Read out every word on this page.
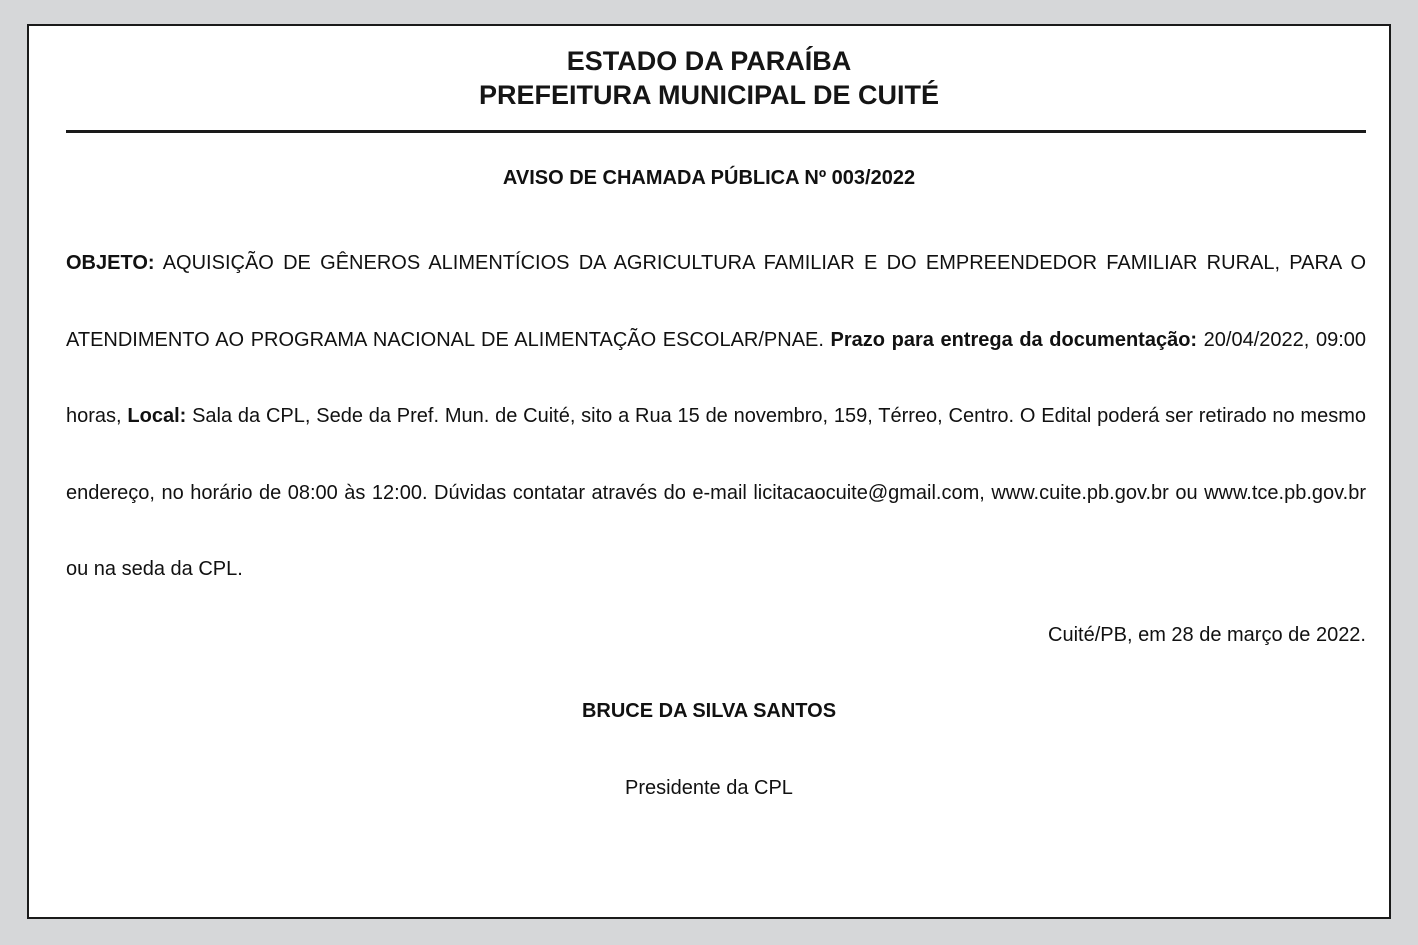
ESTADO DA PARAÍBA
PREFEITURA MUNICIPAL DE CUITÉ
AVISO DE CHAMADA PÚBLICA Nº 003/2022
OBJETO: AQUISIÇÃO DE GÊNEROS ALIMENTÍCIOS DA AGRICULTURA FAMILIAR E DO EMPREENDEDOR FAMILIAR RURAL, PARA O ATENDIMENTO AO PROGRAMA NACIONAL DE ALIMENTAÇÃO ESCOLAR/PNAE. Prazo para entrega da documentação: 20/04/2022, 09:00 horas, Local: Sala da CPL, Sede da Pref. Mun. de Cuité, sito a Rua 15 de novembro, 159, Térreo, Centro. O Edital poderá ser retirado no mesmo endereço, no horário de 08:00 às 12:00. Dúvidas contatar através do e-mail licitacaocuite@gmail.com, www.cuite.pb.gov.br ou www.tce.pb.gov.br ou na seda da CPL.
Cuité/PB, em 28 de março de 2022.
BRUCE DA SILVA SANTOS
Presidente da CPL
